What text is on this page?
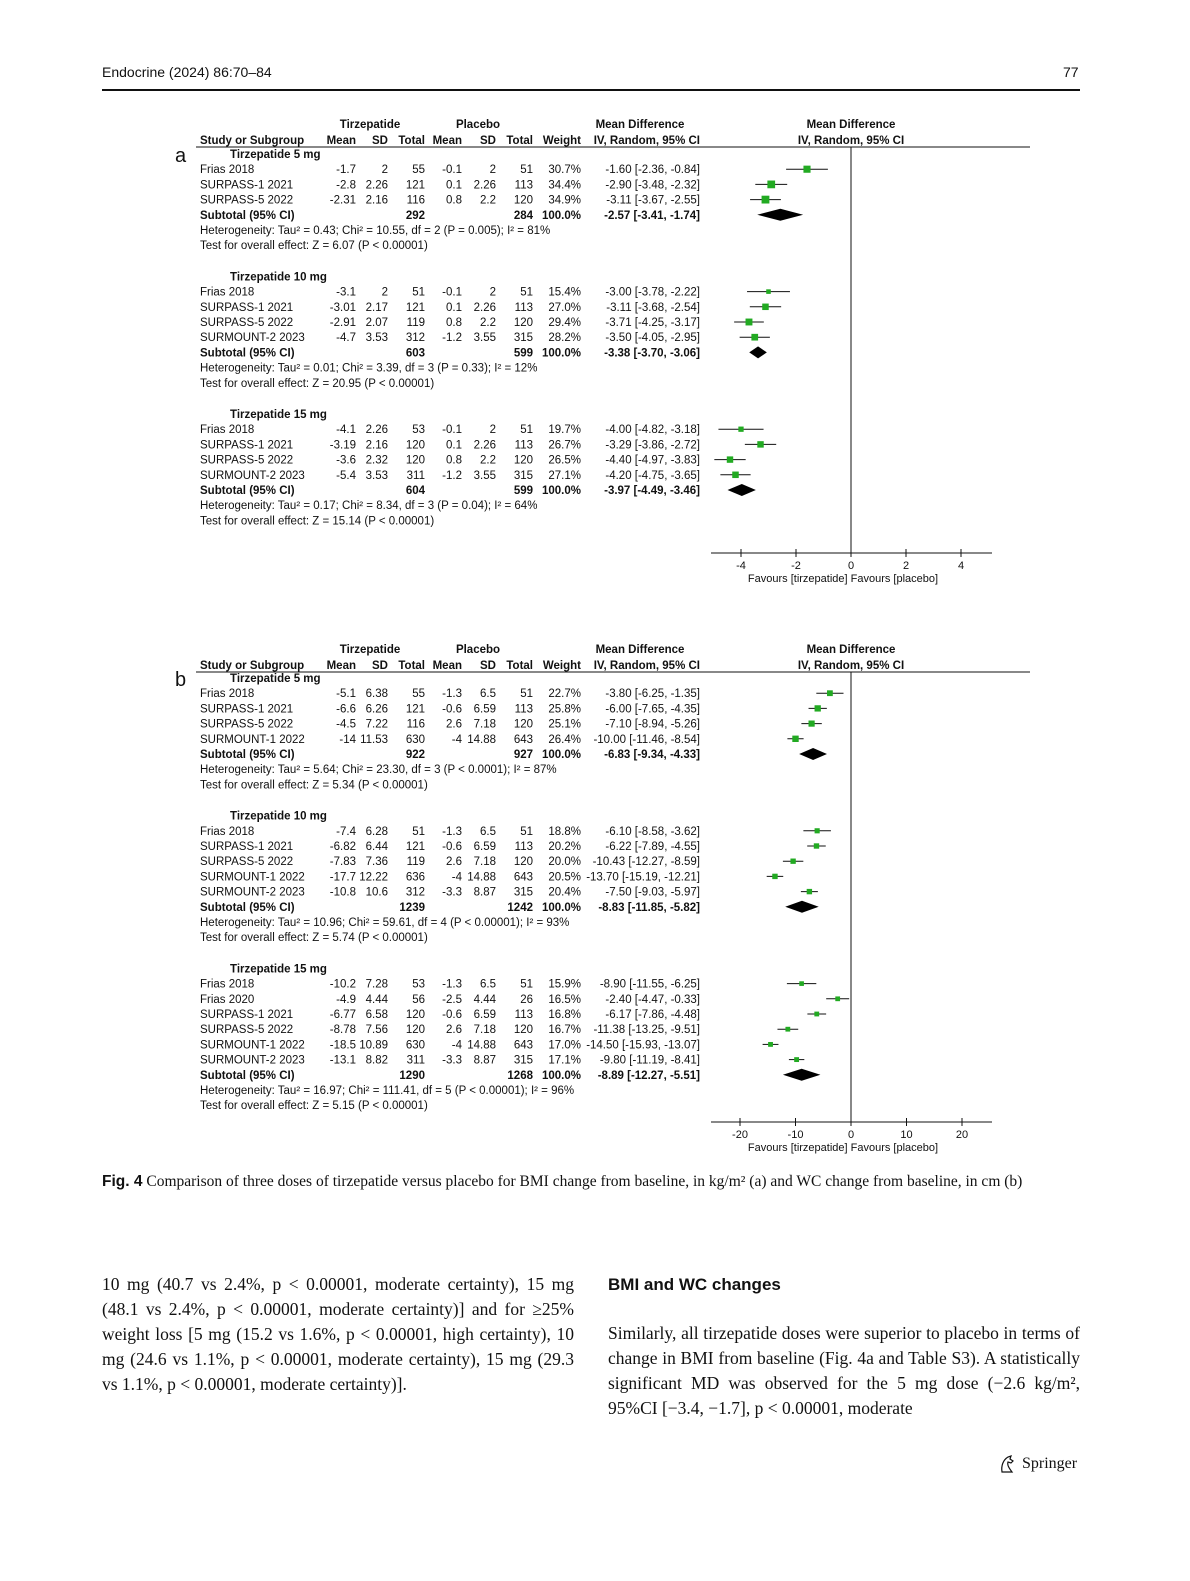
Endocrine (2024) 86:70–84	77
Tirzepatide	Placebo	Mean Difference	Mean Difference
Study or Subgroup Mean SD Total Mean SD Total Weight IV, Random, 95% CI	IV, Random, 95% CI
a	Tirzepatide 5 mg
Frias 2018	-1.7 2 55 -0.1 2 51 30.7% -1.60 [-2.36, -0.84]
SURPASS-1 2021	-2.8 2.26 121 0.1 2.26 113 34.4% -2.90 [-3.48, -2.32]
SURPASS-5 2022	-2.31 2.16 116 0.8 2.2 120 34.9% -3.11 [-3.67, -2.55]
Subtotal (95% CI)	292	284 100.0% -2.57 [-3.41, -1.74]
Heterogeneity: Tau² = 0.43; Chi² = 10.55, df = 2 (P = 0.005); I² = 81%
Test for overall effect: Z = 6.07 (P < 0.00001)
Tirzepatide 10 mg
Frias 2018	-3.1 2 51 -0.1 2 51 15.4% -3.00 [-3.78, -2.22]
SURPASS-1 2021	-3.01 2.17 121 0.1 2.26 113 27.0% -3.11 [-3.68, -2.54]
SURPASS-5 2022	-2.91 2.07 119 0.8 2.2 120 29.4% -3.71 [-4.25, -3.17]
SURMOUNT-2 2023	-4.7 3.53 312 -1.2 3.55 315 28.2% -3.50 [-4.05, -2.95]
Subtotal (95% CI)	603	599 100.0% -3.38 [-3.70, -3.06]
Heterogeneity: Tau² = 0.01; Chi² = 3.39, df = 3 (P = 0.33); I² = 12%
Test for overall effect: Z = 20.95 (P < 0.00001)
Tirzepatide 15 mg
Frias 2018	-4.1 2.26 53 -0.1 2 51 19.7% -4.00 [-4.82, -3.18]
SURPASS-1 2021	-3.19 2.16 120 0.1 2.26 113 26.7% -3.29 [-3.86, -2.72]
SURPASS-5 2022	-3.6 2.32 120 0.8 2.2 120 26.5% -4.40 [-4.97, -3.83]
SURMOUNT-2 2023	-5.4 3.53 311 -1.2 3.55 315 27.1% -4.20 [-4.75, -3.65]
Subtotal (95% CI)	604	599 100.0% -3.97 [-4.49, -3.46]
Heterogeneity: Tau² = 0.17; Chi² = 8.34, df = 3 (P = 0.04); I² = 64%
Test for overall effect: Z = 15.14 (P < 0.00001)
-4	-2	0	2	4
Favours [tirzepatide] Favours [placebo]
Tirzepatide	Placebo	Mean Difference	Mean Difference
Study or Subgroup Mean SD Total Mean SD Total Weight IV, Random, 95% CI	IV, Random, 95% CI
b	Tirzepatide 5 mg
Frias 2018	-5.1 6.38 55 -1.3 6.5 51 22.7% -3.80 [-6.25, -1.35]
SURPASS-1 2021	-6.6 6.26 121 -0.6 6.59 113 25.8% -6.00 [-7.65, -4.35]
SURPASS-5 2022	-4.5 7.22 116 2.6 7.18 120 25.1% -7.10 [-8.94, -5.26]
SURMOUNT-1 2022	-14 11.53 630 -4 14.88 643 26.4% -10.00 [-11.46, -8.54]
Subtotal (95% CI)	922	927 100.0% -6.83 [-9.34, -4.33]
Heterogeneity: Tau² = 5.64; Chi² = 23.30, df = 3 (P < 0.0001); I² = 87%
Test for overall effect: Z = 5.34 (P < 0.00001)
Tirzepatide 10 mg
Frias 2018	-7.4 6.28 51 -1.3 6.5 51 18.8% -6.10 [-8.58, -3.62]
SURPASS-1 2021	-6.82 6.44 121 -0.6 6.59 113 20.2% -6.22 [-7.89, -4.55]
SURPASS-5 2022	-7.83 7.36 119 2.6 7.18 120 20.0% -10.43 [-12.27, -8.59]
SURMOUNT-1 2022 -17.7 12.22 636 -4 14.88 643 20.5% -13.70 [-15.19, -12.21]
SURMOUNT-2 2023 -10.8 10.6 312 -3.3 8.87 315 20.4% -7.50 [-9.03, -5.97]
Subtotal (95% CI)	1239	1242 100.0% -8.83 [-11.85, -5.82]
Heterogeneity: Tau² = 10.96; Chi² = 59.61, df = 4 (P < 0.00001); I² = 93%
Test for overall effect: Z = 5.74 (P < 0.00001)
Tirzepatide 15 mg
Frias 2018	-10.2 7.28 53 -1.3 6.5 51 15.9% -8.90 [-11.55, -6.25]
Frias 2020	-4.9 4.44 56 -2.5 4.44 26 16.5% -2.40 [-4.47, -0.33]
SURPASS-1 2021	-6.77 6.58 120 -0.6 6.59 113 16.8% -6.17 [-7.86, -4.48]
SURPASS-5 2022	-8.78 7.56 120 2.6 7.18 120 16.7% -11.38 [-13.25, -9.51]
SURMOUNT-1 2022 -18.5 10.89 630 -4 14.88 643 17.0% -14.50 [-15.93, -13.07]
SURMOUNT-2 2023 -13.1 8.82 311 -3.3 8.87 315 17.1% -9.80 [-11.19, -8.41]
Subtotal (95% CI)	1290	1268 100.0% -8.89 [-12.27, -5.51]
Heterogeneity: Tau² = 16.97; Chi² = 111.41, df = 5 (P < 0.00001); I² = 96%
Test for overall effect: Z = 5.15 (P < 0.00001)
-20	-10	0	10	20
Favours [tirzepatide] Favours [placebo]
Fig. 4 Comparison of three doses of tirzepatide versus placebo for BMI change from baseline, in kg/m² (a) and WC change from baseline, in cm (b)

10 mg (40.7 vs 2.4%, p < 0.00001, moderate certainty), 15 mg (48.1 vs 2.4%, p < 0.00001, moderate certainty)] and for ≥25% weight loss [5 mg (15.2 vs 1.6%, p < 0.00001, high certainty), 10 mg (24.6 vs 1.1%, p < 0.00001, moderate certainty), 15 mg (29.3 vs 1.1%, p < 0.00001, moderate certainty)].

BMI and WC changes

Similarly, all tirzepatide doses were superior to placebo in terms of change in BMI from baseline (Fig. 4a and Table S3). A statistically significant MD was observed for the 5 mg dose (−2.6 kg/m², 95%CI [−3.4, −1.7], p < 0.00001, moderate

Springer
